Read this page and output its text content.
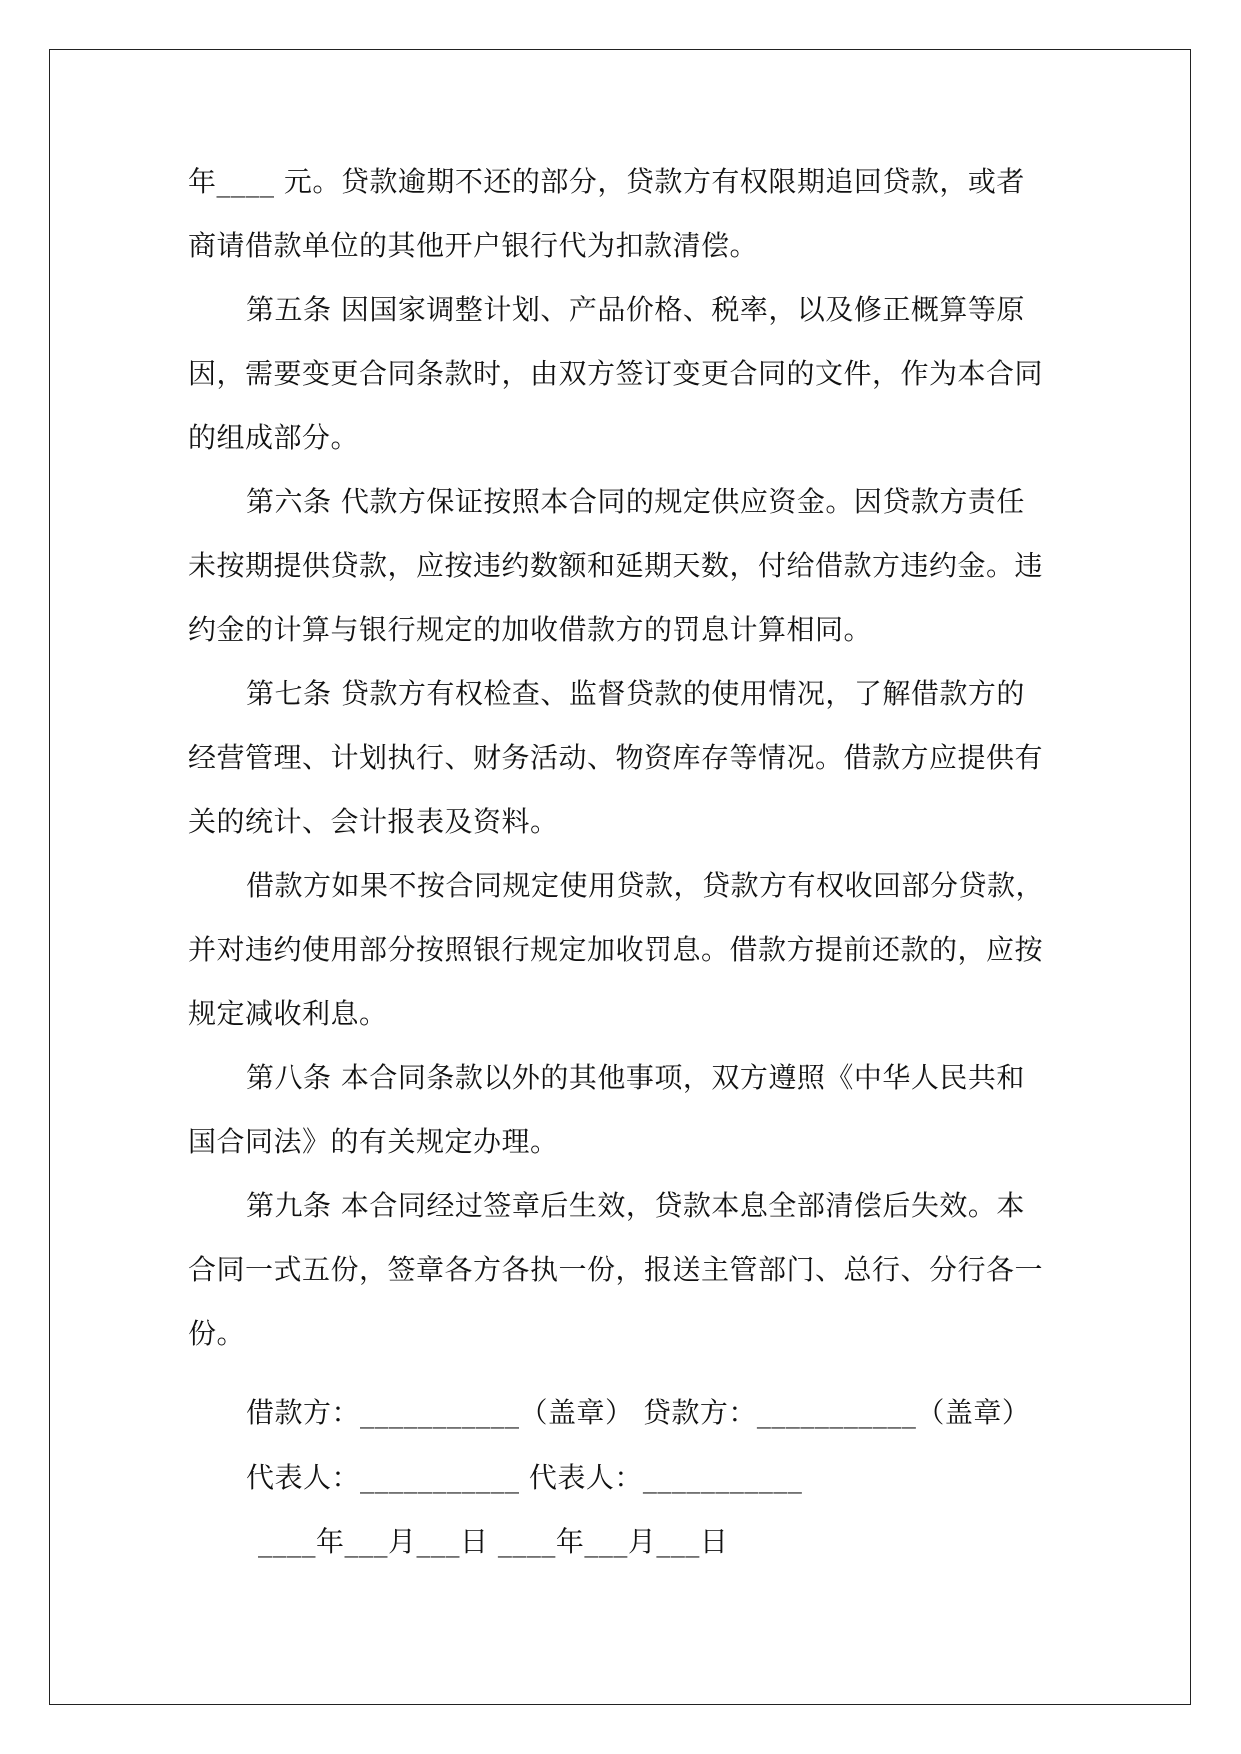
年____ 元。贷款逾期不还的部分，贷款方有权限期追回贷款，或者
商请借款单位的其他开户银行代为扣款清偿。
第五条 因国家调整计划、产品价格、税率，以及修正概算等原
因，需要变更合同条款时，由双方签订变更合同的文件，作为本合同
的组成部分。
第六条 代款方保证按照本合同的规定供应资金。因贷款方责任
未按期提供贷款，应按违约数额和延期天数，付给借款方违约金。违
约金的计算与银行规定的加收借款方的罚息计算相同。
第七条 贷款方有权检查、监督贷款的使用情况，了解借款方的
经营管理、计划执行、财务活动、物资库存等情况。借款方应提供有
关的统计、会计报表及资料。
借款方如果不按合同规定使用贷款，贷款方有权收回部分贷款，
并对违约使用部分按照银行规定加收罚息。借款方提前还款的，应按
规定减收利息。
第八条 本合同条款以外的其他事项，双方遵照《中华人民共和
国合同法》的有关规定办理。
第九条 本合同经过签章后生效，贷款本息全部清偿后失效。本
合同一式五份，签章各方各执一份，报送主管部门、总行、分行各一
份。
借款方：___________（盖章） 贷款方：___________（盖章）
代表人：___________ 代表人：___________
____年___月___日 ____年___月___日
